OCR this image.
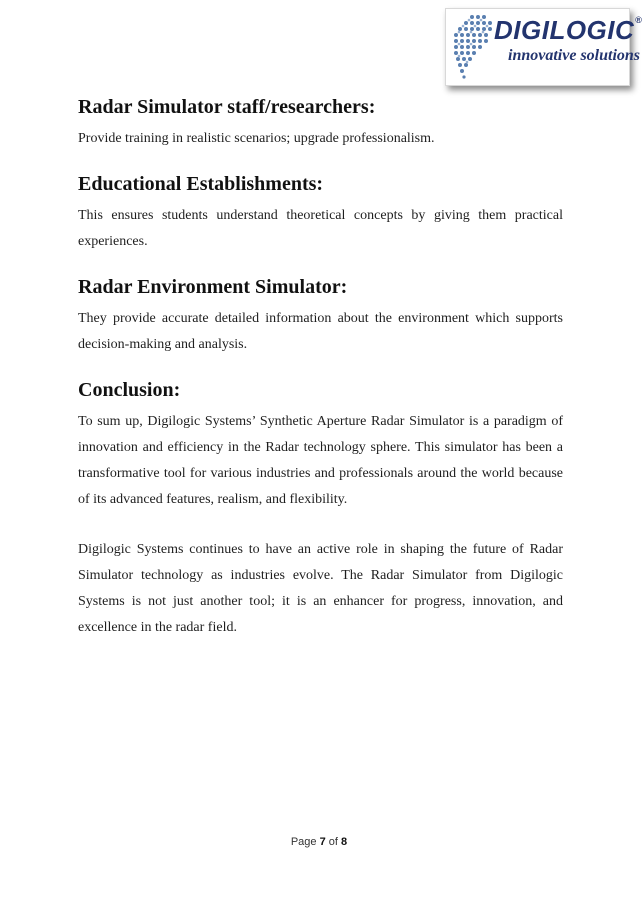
DIGILOGIC®
innovative solutions
Radar Simulator staff/researchers:

Provide training in realistic scenarios; upgrade professionalism.

Educational Establishments:

This ensures students understand theoretical concepts by giving them practical experiences.

Radar Environment Simulator:

They provide accurate detailed information about the environment which supports decision-making and analysis.

Conclusion:

To sum up, Digilogic Systems’ Synthetic Aperture Radar Simulator is a paradigm of innovation and efficiency in the Radar technology sphere. This simulator has been a transformative tool for various industries and professionals around the world because of its advanced features, realism, and flexibility.

Digilogic Systems continues to have an active role in shaping the future of Radar Simulator technology as industries evolve. The Radar Simulator from Digilogic Systems is not just another tool; it is an enhancer for progress, innovation, and excellence in the radar field.

Page 7 of 8
